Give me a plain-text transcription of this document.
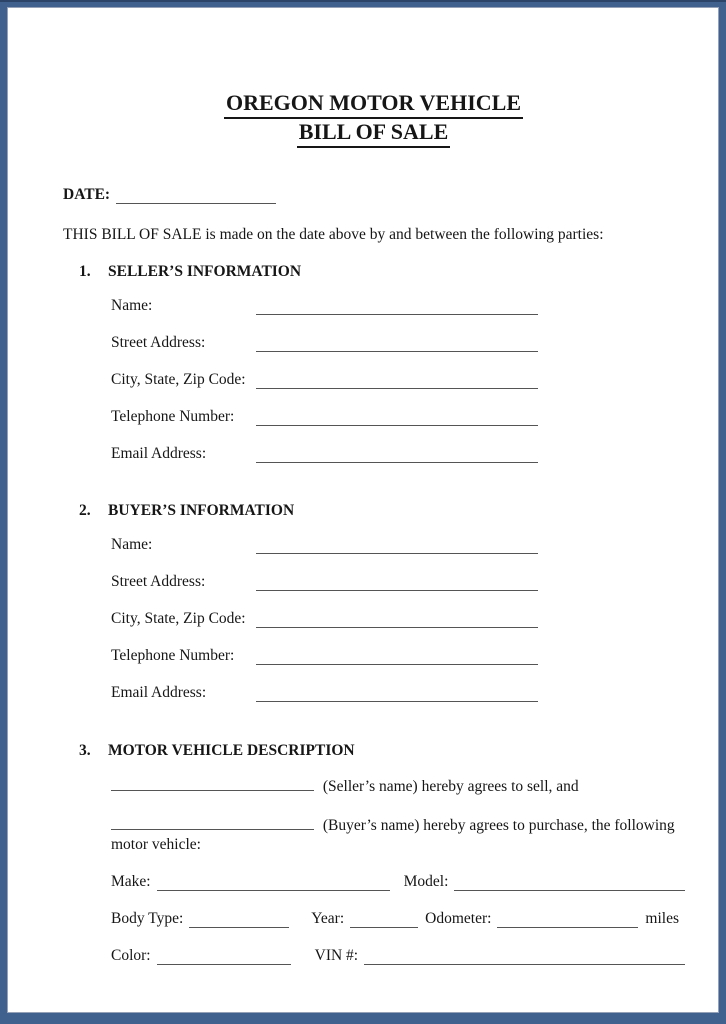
OREGON MOTOR VEHICLE
BILL OF SALE
DATE:

THIS BILL OF SALE is made on the date above by and between the following parties:

1.	SELLER’S INFORMATION
Name:
Street Address:
City, State, Zip Code:
Telephone Number:
Email Address:
2.	BUYER’S INFORMATION
Name:
Street Address:
City, State, Zip Code:
Telephone Number:
Email Address:
3.	MOTOR VEHICLE DESCRIPTION

(Seller’s name) hereby agrees to sell, and

(Buyer’s name) hereby agrees to purchase, the following
motor vehicle:

Make:	Model:
Body Type:	Year:	Odometer:	miles
Color:	VIN #:
